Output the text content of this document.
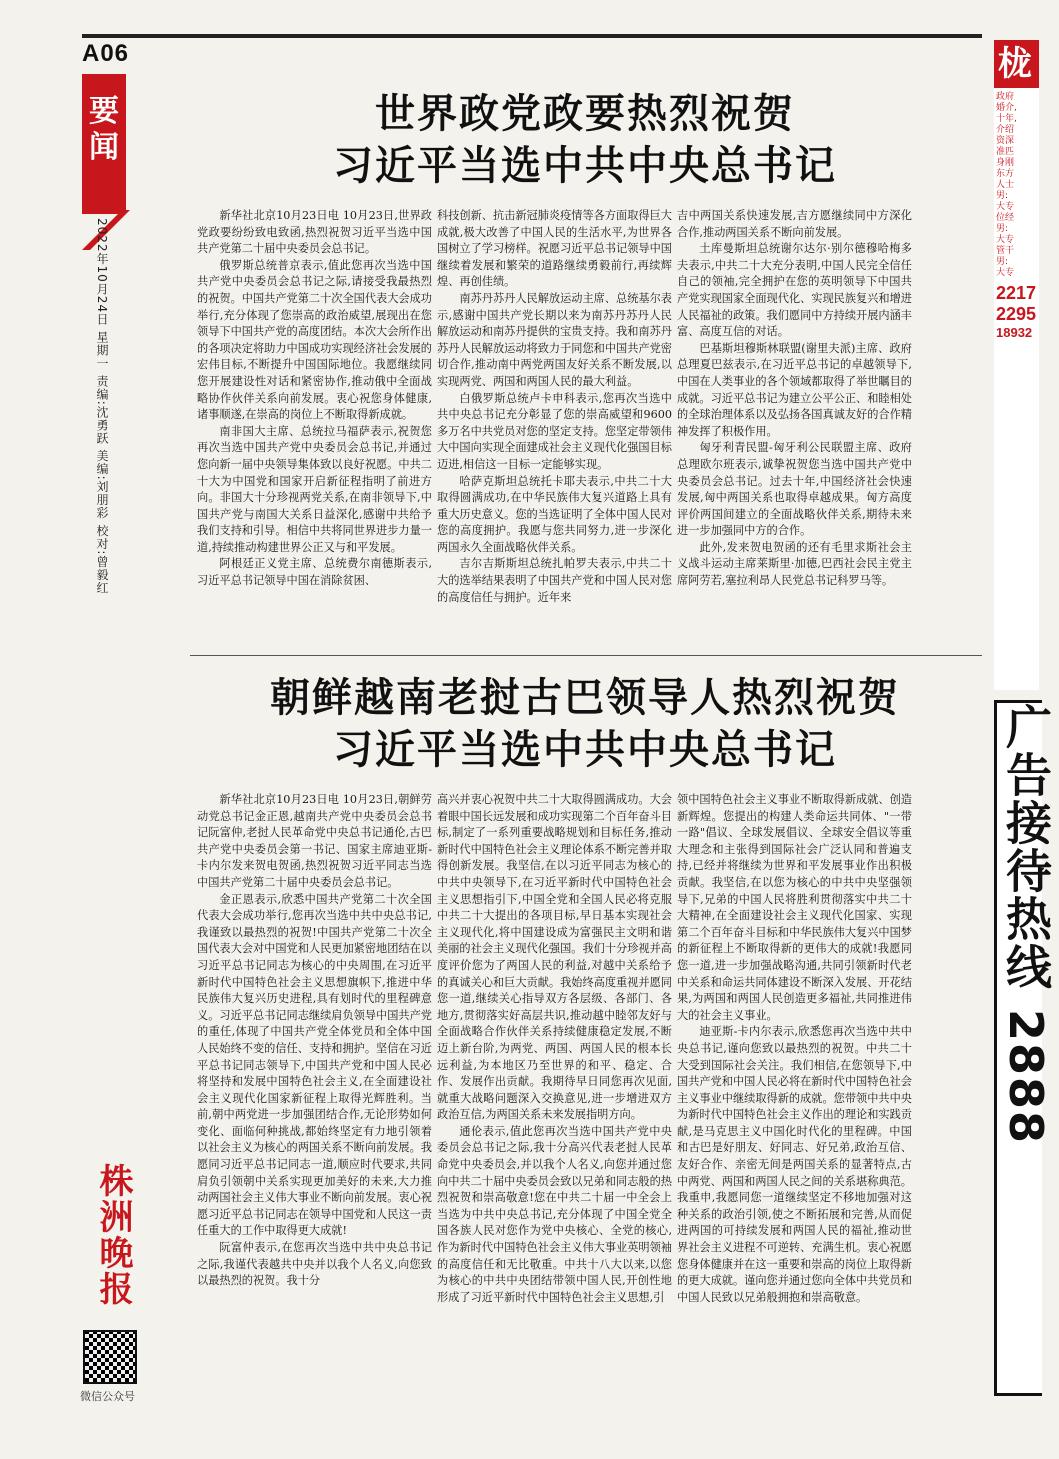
A06
要闻
2022年10月24日 星期一 责编:沈勇跃 美编:刘朋彩 校对:曾毅红
株洲晚报
微信公众号
世界政党政要热烈祝贺
习近平当选中共中央总书记

新华社北京10月23日电 10月23日,世界政党政要纷纷致电致函,热烈祝贺习近平当选中国共产党第二十届中央委员会总书记。

俄罗斯总统普京表示,值此您再次当选中国共产党中央委员会总书记之际,请接受我最热烈的祝贺。中国共产党第二十次全国代表大会成功举行,充分体现了您崇高的政治威望,展现出在您领导下中国共产党的高度团结。本次大会所作出的各项决定将助力中国成功实现经济社会发展的宏伟目标,不断提升中国国际地位。我愿继续同您开展建设性对话和紧密协作,推动俄中全面战略协作伙伴关系向前发展。衷心祝您身体健康,诸事顺遂,在崇高的岗位上不断取得新成就。

南非国大主席、总统拉马福萨表示,祝贺您再次当选中国共产党中央委员会总书记,并通过您向新一届中央领导集体致以良好祝愿。中共二十大为中国党和国家开启新征程指明了前进方向。非国大十分珍视两党关系,在南非领导下,中国共产党与南国大关系日益深化,感谢中共给予我们支持和引导。相信中共将同世界进步力量一道,持续推动构建世界公正又与和平发展。

阿根廷正义党主席、总统费尔南德斯表示,习近平总书记领导中国在消除贫困、

科技创新、抗击新冠肺炎疫情等各方面取得巨大成就,极大改善了中国人民的生活水平,为世界各国树立了学习榜样。祝愿习近平总书记领导中国继续着发展和繁荣的道路继续勇毅前行,再续辉煌、再创佳绩。

南苏丹苏丹人民解放运动主席、总统基尔表示,感谢中国共产党长期以来为南苏丹苏丹人民解放运动和南苏丹提供的宝贵支持。我和南苏丹苏丹人民解放运动将致力于同您和中国共产党密切合作,推动南中两党两国友好关系不断发展,以实现两党、两国和两国人民的最大利益。

白俄罗斯总统卢卡申科表示,您再次当选中共中央总书记充分彰显了您的崇高威望和9600多万名中共党员对您的坚定支持。您坚定带领伟大中国向实现全面建成社会主义现代化强国目标迈进,相信这一目标一定能够实现。

哈萨克斯坦总统托卡耶夫表示,中共二十大取得圆满成功,在中华民族伟大复兴道路上具有重大历史意义。您的当选证明了全体中国人民对您的高度拥护。我愿与您共同努力,进一步深化两国永久全面战略伙伴关系。

吉尔吉斯斯坦总统扎帕罗夫表示,中共二十大的选举结果表明了中国共产党和中国人民对您的高度信任与拥护。近年来

吉中两国关系快速发展,吉方愿继续同中方深化合作,推动两国关系不断向前发展。

土库曼斯坦总统谢尔达尔·别尔德穆哈梅多夫表示,中共二十大充分表明,中国人民完全信任自己的领袖,完全拥护在您的英明领导下中国共产党实现国家全面现代化、实现民族复兴和增进人民福祉的政策。我们愿同中方持续开展内涵丰富、高度互信的对话。

巴基斯坦穆斯林联盟(谢里夫派)主席、政府总理夏巴兹表示,在习近平总书记的卓越领导下,中国在人类事业的各个领域都取得了举世瞩目的成就。习近平总书记为建立公平公正、和睦相处的全球治理体系以及弘扬各国真诚友好的合作精神发挥了积极作用。

匈牙利青民盟-匈牙利公民联盟主席、政府总理欧尔班表示,诚挚祝贺您当选中国共产党中央委员会总书记。过去十年,中国经济社会快速发展,匈中两国关系也取得卓越成果。匈方高度评价两国间建立的全面战略伙伴关系,期待未来进一步加强同中方的合作。

此外,发来贺电贺函的还有毛里求斯社会主义战斗运动主席莱斯里·加德,巴西社会民主党主席阿劳若,塞拉利昂人民党总书记科罗马等。

朝鲜越南老挝古巴领导人热烈祝贺
习近平当选中共中央总书记

新华社北京10月23日电 10月23日,朝鲜劳动党总书记金正恩,越南共产党中央委员会总书记阮富仲,老挝人民革命党中央总书记通伦,古巴共产党中央委员会第一书记、国家主席迪亚斯-卡内尔发来贺电贺函,热烈祝贺习近平同志当选中国共产党第二十届中央委员会总书记。

金正恩表示,欣悉中国共产党第二十次全国代表大会成功举行,您再次当选中共中央总书记,我谨致以最热烈的祝贺!中国共产党第二十次全国代表大会对中国党和人民更加紧密地团结在以习近平总书记同志为核心的中央周围,在习近平新时代中国特色社会主义思想旗帜下,推进中华民族伟大复兴历史进程,具有划时代的里程碑意义。习近平总书记同志继续肩负领导中国共产党的重任,体现了中国共产党全体党员和全体中国人民始终不变的信任、支持和拥护。坚信在习近平总书记同志领导下,中国共产党和中国人民必将坚持和发展中国特色社会主义,在全面建设社会主义现代化国家新征程上取得光辉胜利。当前,朝中两党进一步加强团结合作,无论形势如何变化、面临何种挑战,都始终坚定有力地引领着以社会主义为核心的两国关系不断向前发展。我愿同习近平总书记同志一道,顺应时代要求,共同肩负引领朝中关系实现更加美好的未来,大力推动两国社会主义伟大事业不断向前发展。衷心祝愿习近平总书记同志在领导中国党和人民这一责任重大的工作中取得更大成就!

阮富仲表示,在您再次当选中共中央总书记之际,我谨代表越共中央并以我个人名义,向您致以最热烈的祝贺。我十分

高兴并衷心祝贺中共二十大取得圆满成功。大会着眼中国长远发展和成功实现第二个百年奋斗目标,制定了一系列重要战略规划和目标任务,推动新时代中国特色社会主义理论体系不断完善并取得创新发展。我坚信,在以习近平同志为核心的中共中央领导下,在习近平新时代中国特色社会主义思想指引下,中国全党和全国人民必将克服中共二十大提出的各项目标,早日基本实现社会主义现代化,将中国建设成为富强民主文明和谐美丽的社会主义现代化强国。我们十分珍视并高度评价您为了两国人民的利益,对越中关系给予的真诚关心和巨大贡献。我始终高度重视并愿同您一道,继续关心指导双方各层级、各部门、各地方,贯彻落实好高层共识,推动越中睦邻友好与全面战略合作伙伴关系持续健康稳定发展,不断迈上新台阶,为两党、两国、两国人民的根本长远利益,为本地区乃至世界的和平、稳定、合作、发展作出贡献。我期待早日同您再次见面,就重大战略问题深入交换意见,进一步增进双方政治互信,为两国关系未来发展指明方向。

通伦表示,值此您再次当选中国共产党中央委员会总书记之际,我十分高兴代表老挝人民革命党中央委员会,并以我个人名义,向您并通过您向中共二十届中央委员会致以兄弟和同志般的热烈祝贺和崇高敬意!您在中共二十届一中全会上当选为中共中央总书记,充分体现了中国全党全国各族人民对您作为党中央核心、全党的核心,作为新时代中国特色社会主义伟大事业英明领袖的高度信任和无比敬重。中共十八大以来,以您为核心的中共中央团结带领中国人民,开创性地形成了习近平新时代中国特色社会主义思想,引

领中国特色社会主义事业不断取得新成就、创造新辉煌。您提出的构建人类命运共同体、"一带一路"倡议、全球发展倡议、全球安全倡议等重大理念和主张得到国际社会广泛认同和普遍支持,已经并将继续为世界和平发展事业作出积极贡献。我坚信,在以您为核心的中共中央坚强领导下,兄弟的中国人民将胜利贯彻落实中共二十大精神,在全面建设社会主义现代化国家、实现第二个百年奋斗目标和中华民族伟大复兴中国梦的新征程上不断取得新的更伟大的成就!我愿同您一道,进一步加强战略沟通,共同引领新时代老中关系和命运共同体建设不断深入发展、开花结果,为两国和两国人民创造更多福祉,共同推进伟大的社会主义事业。

迪亚斯-卡内尔表示,欣悉您再次当选中共中央总书记,谨向您致以最热烈的祝贺。中共二十大受到国际社会关注。我们相信,在您领导下,中国共产党和中国人民必将在新时代中国特色社会主义事业中继续取得新的成就。您带领中共中央为新时代中国特色社会主义作出的理论和实践贡献,是马克思主义中国化时代化的里程碑。中国和古巴是好朋友、好同志、好兄弟,政治互信、友好合作、亲密无间是两国关系的显著特点,古中两党、两国和两国人民之间的关系堪称典范。我重申,我愿同您一道继续坚定不移地加强对这种关系的政治引领,使之不断拓展和完善,从而促进两国的可持续发展和两国人民的福祉,推动世界社会主义进程不可逆转、充满生机。衷心祝愿您身体健康并在这一重要和崇高的岗位上取得新的更大成就。谨向您并通过您向全体中共党员和中国人民致以兄弟般拥抱和崇高敬意。

栊
政府
婚介,
十年,
介绍
资深
准匹
身刚
东方
人士
男:
大专
位经
男:
大专
管干
男:
大专
2217
2295
18932
广告接待热线 2888
